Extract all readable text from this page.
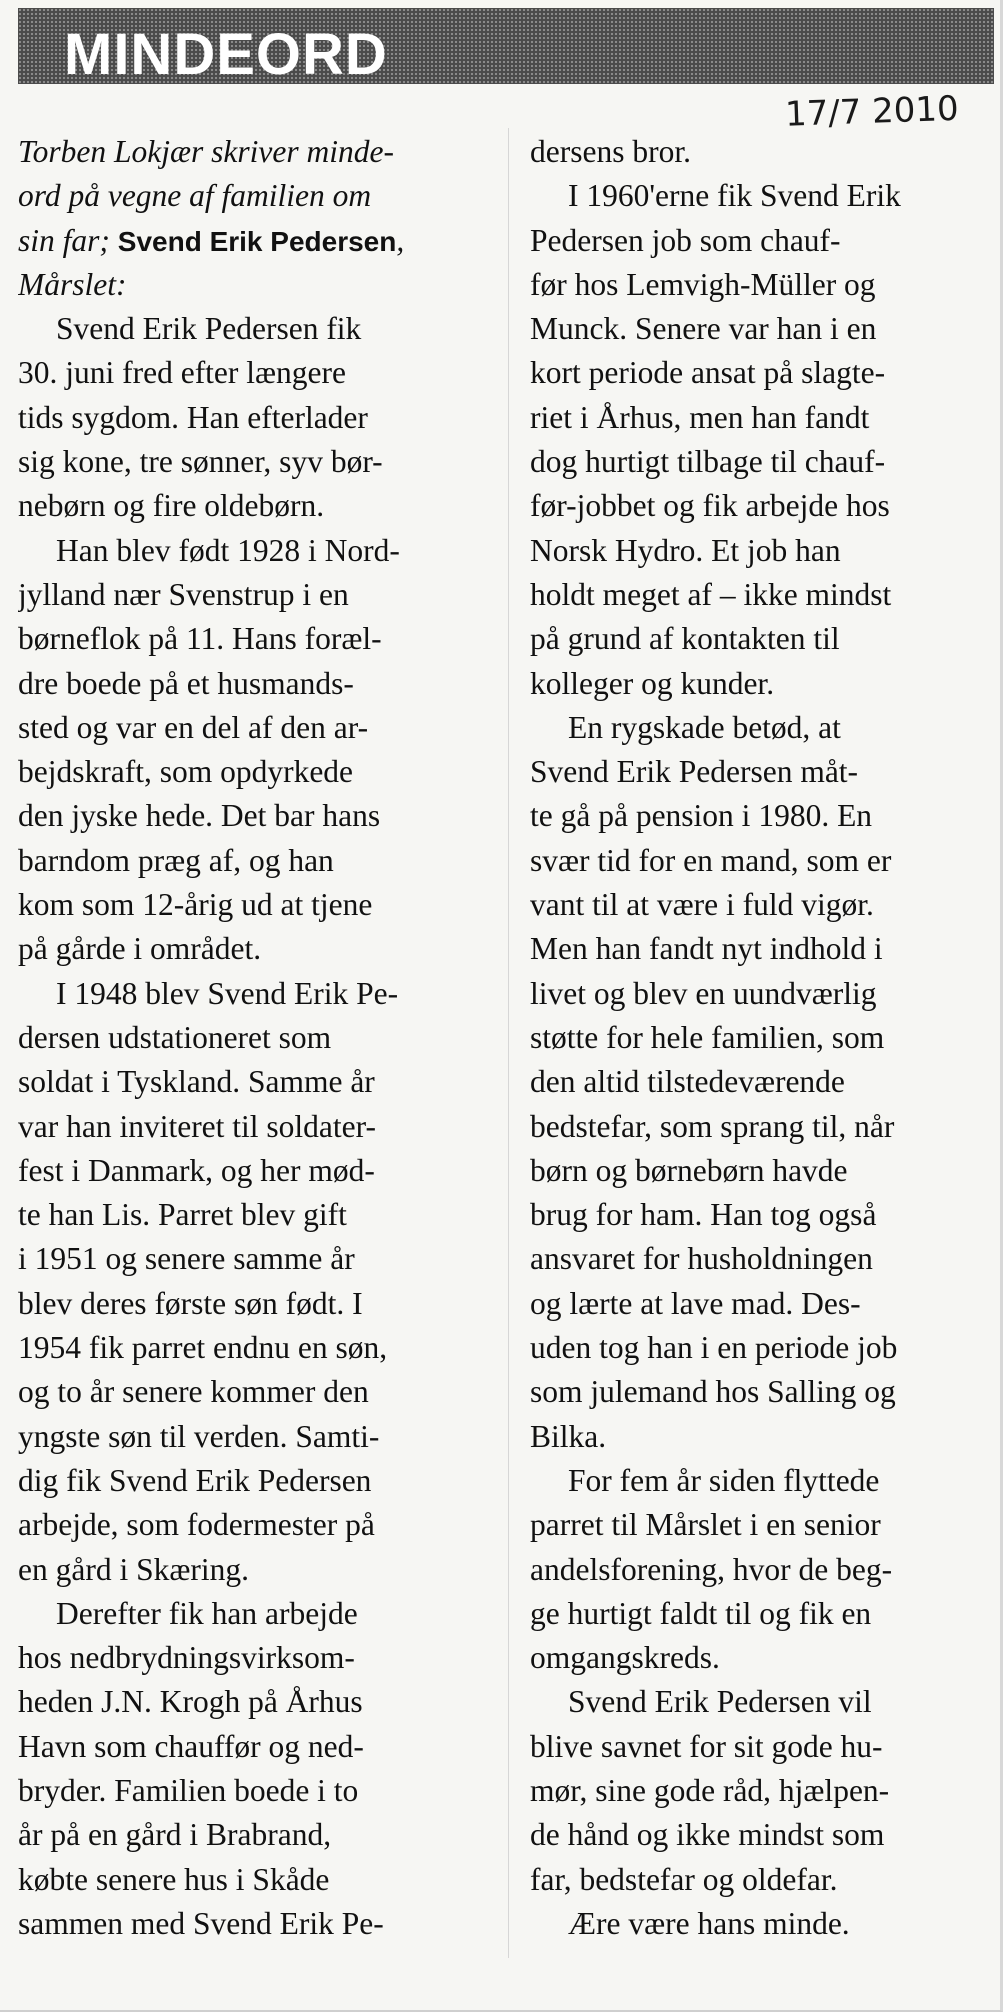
MINDEORD
17/7 2010
Torben Lokjær skriver minde-
ord på vegne af familien om
sin far; Svend Erik Pedersen,
Mårslet:
Svend Erik Pedersen fik
30. juni fred efter længere
tids sygdom. Han efterlader
sig kone, tre sønner, syv bør-
nebørn og fire oldebørn.
Han blev født 1928 i Nord-
jylland nær Svenstrup i en
børneflok på 11. Hans foræl-
dre boede på et husmands-
sted og var en del af den ar-
bejdskraft, som opdyrkede
den jyske hede. Det bar hans
barndom præg af, og han
kom som 12-årig ud at tjene
på gårde i området.
I 1948 blev Svend Erik Pe-
dersen udstationeret som
soldat i Tyskland. Samme år
var han inviteret til soldater-
fest i Danmark, og her mød-
te han Lis. Parret blev gift
i 1951 og senere samme år
blev deres første søn født. I
1954 fik parret endnu en søn,
og to år senere kommer den
yngste søn til verden. Samti-
dig fik Svend Erik Pedersen
arbejde, som fodermester på
en gård i Skæring.
Derefter fik han arbejde
hos nedbrydningsvirksom-
heden J.N. Krogh på Århus
Havn som chauffør og ned-
bryder. Familien boede i to
år på en gård i Brabrand,
købte senere hus i Skåde
sammen med Svend Erik Pe-
dersens bror.
I 1960'erne fik Svend Erik
Pedersen job som chauf-
før hos Lemvigh-Müller og
Munck. Senere var han i en
kort periode ansat på slagte-
riet i Århus, men han fandt
dog hurtigt tilbage til chauf-
før-jobbet og fik arbejde hos
Norsk Hydro. Et job han
holdt meget af – ikke mindst
på grund af kontakten til
kolleger og kunder.
En rygskade betød, at
Svend Erik Pedersen måt-
te gå på pension i 1980. En
svær tid for en mand, som er
vant til at være i fuld vigør.
Men han fandt nyt indhold i
livet og blev en uundværlig
støtte for hele familien, som
den altid tilstedeværende
bedstefar, som sprang til, når
børn og børnebørn havde
brug for ham. Han tog også
ansvaret for husholdningen
og lærte at lave mad. Des-
uden tog han i en periode job
som julemand hos Salling og
Bilka.
For fem år siden flyttede
parret til Mårslet i en senior
andelsforening, hvor de beg-
ge hurtigt faldt til og fik en
omgangskreds.
Svend Erik Pedersen vil
blive savnet for sit gode hu-
mør, sine gode råd, hjælpen-
de hånd og ikke mindst som
far, bedstefar og oldefar.
Ære være hans minde.
